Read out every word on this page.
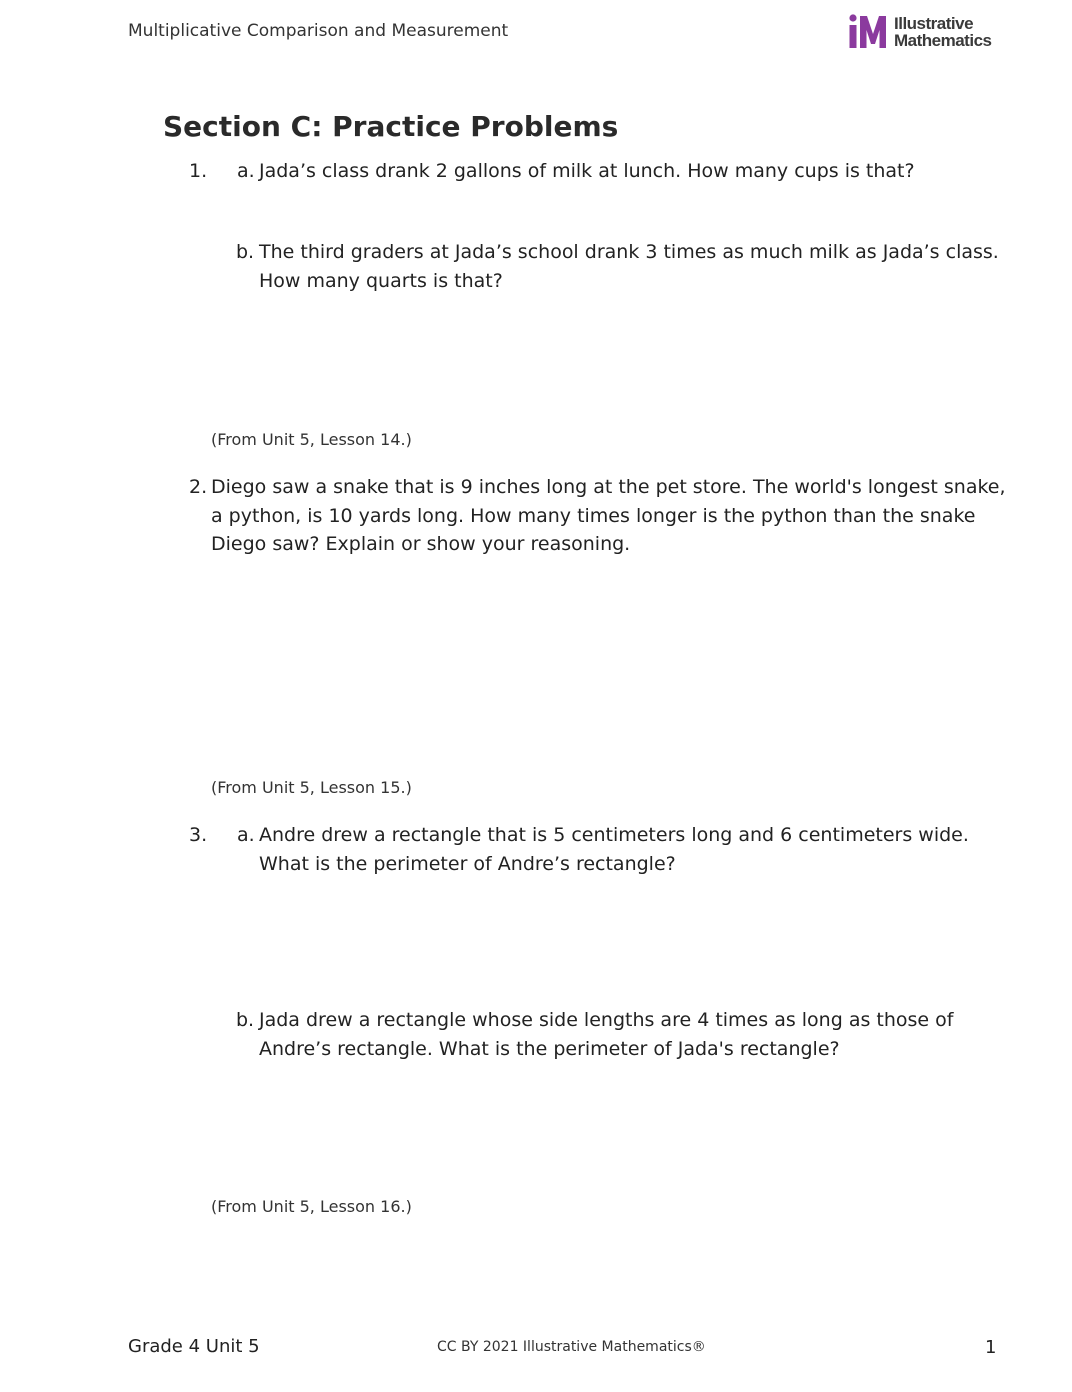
Multiplicative Comparison and Measurement	Illustrative
Mathematics
Section C: Practice Problems
1. a. Jada’s class drank 2 gallons of milk at lunch. How many cups is that?
b. The third graders at Jada’s school drank 3 times as much milk as Jada’s class.
How many quarts is that?
(From Unit 5, Lesson 14.)
2. Diego saw a snake that is 9 inches long at the pet store. The world's longest snake,
a python, is 10 yards long. How many times longer is the python than the snake
Diego saw? Explain or show your reasoning.
(From Unit 5, Lesson 15.)
3. a. Andre drew a rectangle that is 5 centimeters long and 6 centimeters wide.
What is the perimeter of Andre’s rectangle?
b. Jada drew a rectangle whose side lengths are 4 times as long as those of
Andre’s rectangle. What is the perimeter of Jada's rectangle?
(From Unit 5, Lesson 16.)
Grade 4 Unit 5	CC BY 2021 Illustrative Mathematics®	1
